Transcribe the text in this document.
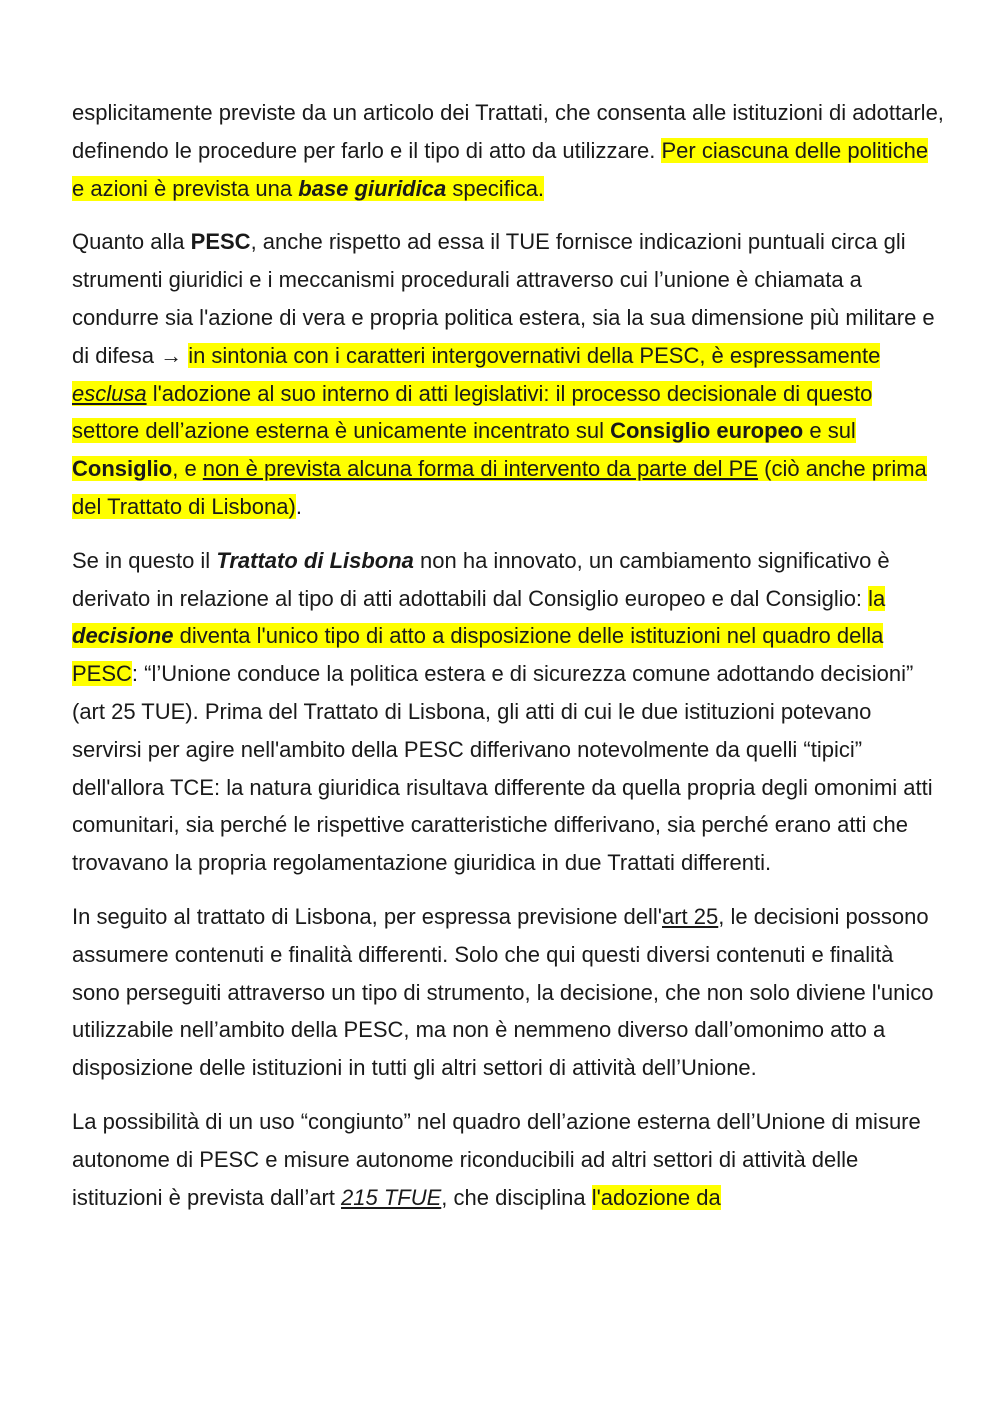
esplicitamente previste da un articolo dei Trattati, che consenta alle istituzioni di adottarle, definendo le procedure per farlo e il tipo di atto da utilizzare. Per ciascuna delle politiche e azioni è prevista una base giuridica specifica.

Quanto alla PESC, anche rispetto ad essa il TUE fornisce indicazioni puntuali circa gli strumenti giuridici e i meccanismi procedurali attraverso cui l’unione è chiamata a condurre sia l'azione di vera e propria politica estera, sia la sua dimensione più militare e di difesa → in sintonia con i caratteri intergovernativi della PESC, è espressamente esclusa l'adozione al suo interno di atti legislativi: il processo decisionale di questo settore dell’azione esterna è unicamente incentrato sul Consiglio europeo e sul Consiglio, e non è prevista alcuna forma di intervento da parte del PE (ciò anche prima del Trattato di Lisbona).

Se in questo il Trattato di Lisbona non ha innovato, un cambiamento significativo è derivato in relazione al tipo di atti adottabili dal Consiglio europeo e dal Consiglio: la decisione diventa l'unico tipo di atto a disposizione delle istituzioni nel quadro della PESC: “l’Unione conduce la politica estera e di sicurezza comune adottando decisioni” (art 25 TUE). Prima del Trattato di Lisbona, gli atti di cui le due istituzioni potevano servirsi per agire nell'ambito della PESC differivano notevolmente da quelli “tipici” dell'allora TCE: la natura giuridica risultava differente da quella propria degli omonimi atti comunitari, sia perché le rispettive caratteristiche differivano, sia perché erano atti che trovavano la propria regolamentazione giuridica in due Trattati differenti.

In seguito al trattato di Lisbona, per espressa previsione dell'art 25, le decisioni possono assumere contenuti e finalità differenti. Solo che qui questi diversi contenuti e finalità sono perseguiti attraverso un tipo di strumento, la decisione, che non solo diviene l'unico utilizzabile nell’ambito della PESC, ma non è nemmeno diverso dall’omonimo atto a disposizione delle istituzioni in tutti gli altri settori di attività dell’Unione.

La possibilità di un uso “congiunto” nel quadro dell’azione esterna dell’Unione di misure autonome di PESC e misure autonome riconducibili ad altri settori di attività delle istituzioni è prevista dall’art 215 TFUE, che disciplina l'adozione da
